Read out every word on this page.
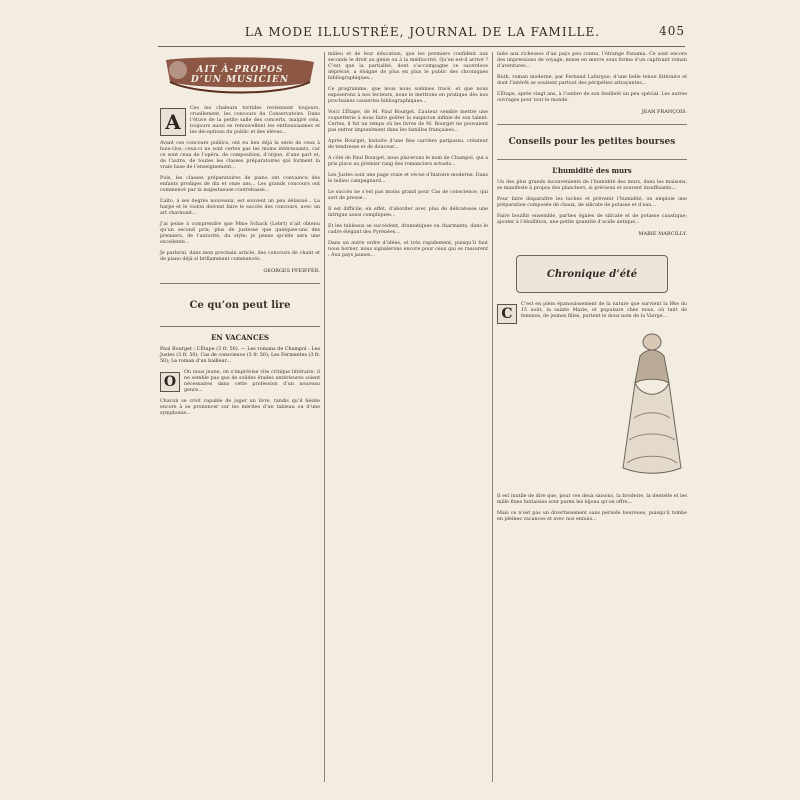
LA MODE ILLUSTRÉE, JOURNAL DE LA FAMILLE.	405
AIT À-PROPOS D’UN MUSICIEN
A

Ces les chaleurs torrides reviennent toujours, cruellement, les concours du Conservatoire. Dans l’étuve de la petite salle des concerts, malgré cela, toujours aussi se renouvellent les enthousiasmes et les déceptions du public et des élèves...

Avant ces concours publics, ont eu lieu déjà la série de ceux à huis-clos; ceux-ci ne sont certes pas les moins intéressants, car ce sont ceux de l’opéra, de composition, d’orgue, d’une part et, de l’autre, de toutes les classes préparatoires qui forment la vraie base de l’enseignement...

Puis, les classes préparatoires de piano ont convaincu des enfants prodiges de dix et onze ans... Les grands concours ont commencé par la majestueuse contrebasse...

L’alto, à ses degrés nouveaux, est souvent un peu délaissé... La harpe et le violon doivent faire le succès des concours, avec un art charmant...

J’ai peine à comprendre que Mme Schack (Lebrt) n’ait obtenu qu’un second prix; plus de justesse que quelques-uns des premiers, de l’autorité, du style; je pense qu’elle sera une excellente...

Je parlerai, dans mon prochain article, des concours de chant et de piano déjà si brillamment commencés.

GEORGES PFEIFFER.
Ce qu’on peut lire
EN VACANCES
Paul Bourget : L’Étape (3 fr. 50). — Les romans de Champol : Les Justes (3 fr. 50); Cas de conscience (3 fr. 50); Les Fermentes (3 fr. 50); Le roman d’un bailleur...
O

On nous jeune, on s’imprévise vite critique littéraire; il ne semble pas que de solides études antérieures soient nécessaires dans cette profession d’un nouveau genre...

Chacun se croit capable de juger un livre, tandis qu’il hésite encore à se prononcer sur les mérites d’un tableau ou d’une symphonie...

milieu et de leur éducation, que les premiers confident aux seconds le droit au génie ou à la médiocrité. Qu’en est-il arrivé ? C’est que la partialité, dont s’accompagne ce sacerdoce déprécié, a éloigné de plus en plus le public des chroniques bibliographiques...

Ce programme, que nous nous sommes tracé, et que nous exposerons à nos lecteurs, nous le mettrons en pratique dès nos prochaines causeries bibliographiques...

Voici L’Étape, de M. Paul Bourget. L’auteur semble mettre une coquetterie à nous faire goûter la suspicion infinie de son talent. Certes, il fut un temps où les livres de M. Bourget ne pouvaient pas entrer impunément dans les familles françaises...

Après Bourget, histoire d’une fine carrière paripassu, créateur de tendresse et de douceur...

A côté de Paul Bourget, nous placerons le nom de Champol, qui a pris place au premier rang des romanciers actuels...

Les Justes sont une page vraie et vécue d’histoire moderne. Dans le milieu campagnard...

Le succès ne s’est pas moins grand pour Cas de conscience, qui sort de presse...

Il est difficile, en effet, d’aborder avec plus de délicatesse une intrigue aussi compliquée...

Et les tableaux se succèdent, dramatiques ou charmants, dans le cadre élégant des Pyrénées...

Dans un autre ordre d’idées, et très rapidement, puisqu’il faut nous borner, nous signalerons encore pour ceux qui se rassurent : Aux pays jaunes...

faite aux richesses d’un pays peu connu, l’étrange Panama. Ce sont encore des impressions de voyage, mises en œuvre sous forme d’un captivant roman d’aventures...

Ruth, roman moderne, par Fernand Lafargue, d’une belle tenue littéraire et dont l’intérêt se soutient partout des péripéties attrayantes...

L’Étape, après vingt ans, à l’ombre de son feuilleté un peu spécial. Les autres ouvrages pour tout le monde.

JEAN FRANÇOIS.
Conseils pour les petites bourses
L’humidité des murs

Un des plus grands inconvénients de l’humidité des murs, dans les maisons, se manifeste à propos des planchers, si précieux et souvent insuffisants...

Pour faire disparaître les taches et prévenir l’humidité, on emploie une préparation composée de chaux, de silicate de potasse et d’eau...

Faire bouillir ensemble, parties égales de silicate et de potasse caustique; ajouter à l’ébullition, une petite quantité d’acide antique...

MARIE MARCILLY.
Chronique d’été
C

C’est en plein épanouissement de la nature que survient la fête du 15 août, la sainte Marie, et populaire chez nous, où tant de femmes, de jeunes filles, portent le doux nom de la Vierge...

Il est inutile de dire que, pour ces deux saisons, la broderie, la dentelle et les mille fines fantaisies sont parmi les bijoux qu’on offre...

Mais ce n’est pas un divertissement sans période heureuse, puisqu’il tombe en pleines vacances et avec nos ennuis...
